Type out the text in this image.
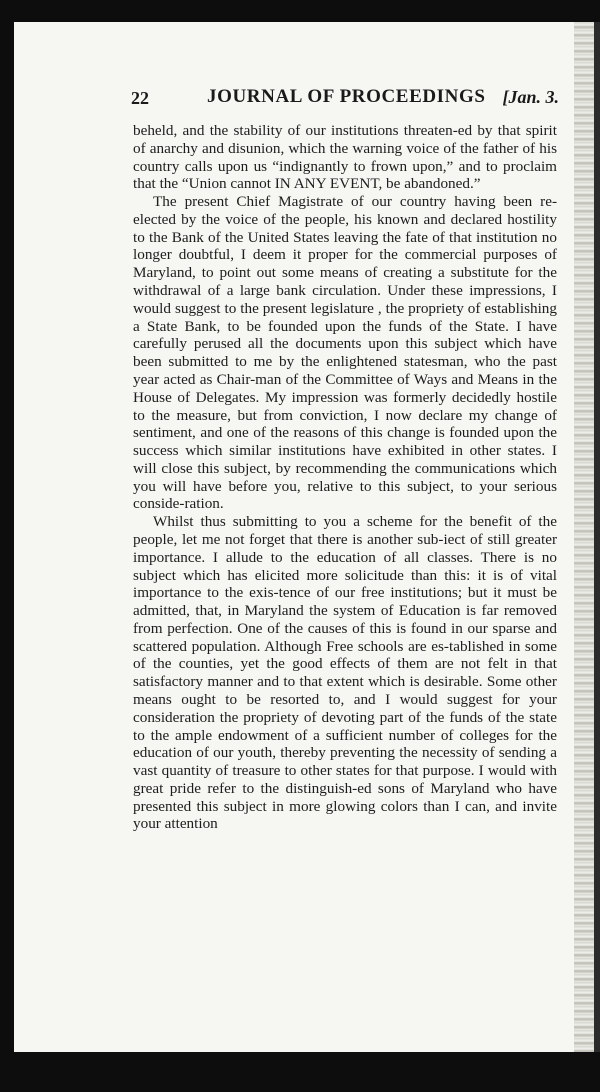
22	JOURNAL OF PROCEEDINGS [Jan. 3.

beheld, and the stability of our institutions threaten-ed by that spirit of anarchy and disunion, which the warning voice of the father of his country calls upon us “indignantly to frown upon,” and to proclaim that the “Union cannot IN ANY EVENT, be abandoned.”

The present Chief Magistrate of our country having been re-elected by the voice of the people, his known and declared hostility to the Bank of the United States leaving the fate of that institution no longer doubtful, I deem it proper for the commercial purposes of Maryland, to point out some means of creating a substitute for the withdrawal of a large bank circulation. Under these impressions, I would suggest to the present legislature , the propriety of establishing a State Bank, to be founded upon the funds of the State. I have carefully perused all the documents upon this subject which have been submitted to me by the enlightened statesman, who the past year acted as Chair-man of the Committee of Ways and Means in the House of Delegates. My impression was formerly decidedly hostile to the measure, but from conviction, I now declare my change of sentiment, and one of the reasons of this change is founded upon the success which similar institutions have exhibited in other states. I will close this subject, by recommending the communications which you will have before you, relative to this subject, to your serious conside-ration.

Whilst thus submitting to you a scheme for the benefit of the people, let me not forget that there is another sub-iect of still greater importance. I allude to the education of all classes. There is no subject which has elicited more solicitude than this: it is of vital importance to the exis-tence of our free institutions; but it must be admitted, that, in Maryland the system of Education is far removed from perfection. One of the causes of this is found in our sparse and scattered population. Although Free schools are es-tablished in some of the counties, yet the good effects of them are not felt in that satisfactory manner and to that extent which is desirable. Some other means ought to be resorted to, and I would suggest for your consideration the propriety of devoting part of the funds of the state to the ample endowment of a sufficient number of colleges for the education of our youth, thereby preventing the necessity of sending a vast quantity of treasure to other states for that purpose. I would with great pride refer to the distinguish-ed sons of Maryland who have presented this subject in more glowing colors than I can, and invite your attention
